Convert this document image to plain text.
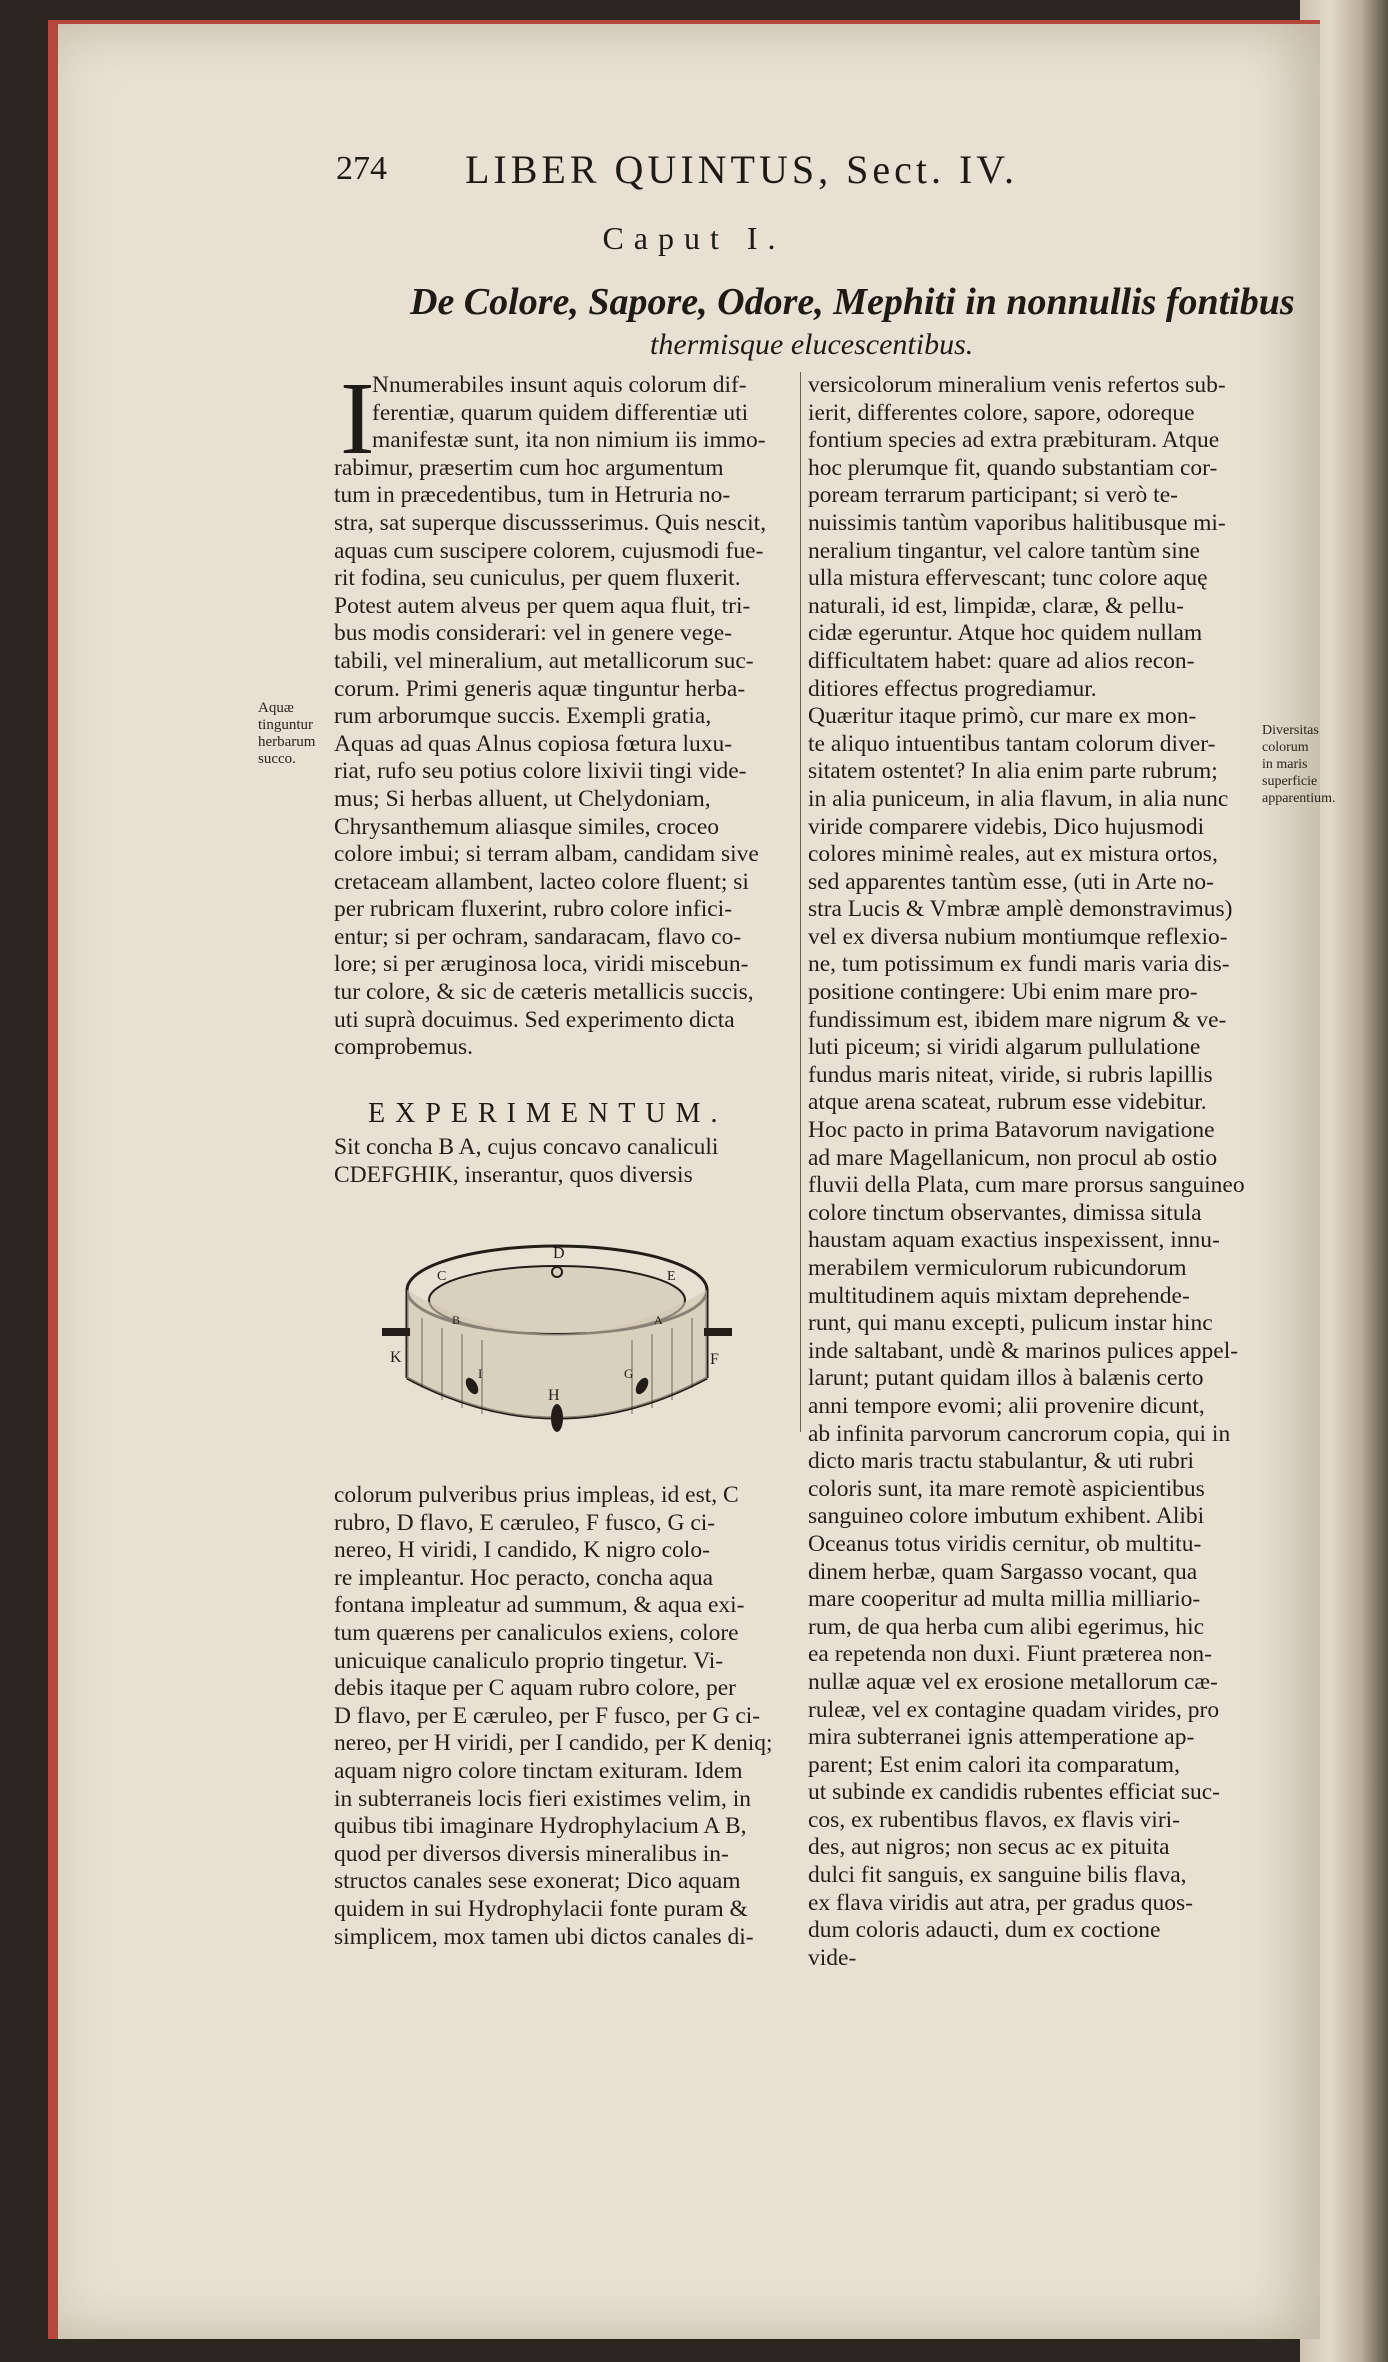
274 LIBER QUINTUS, Sect. IV.
Caput I.
De Colore, Sapore, Odore, Mephiti in nonnullis fontibus
thermisque elucescentibus.
Aquæ tinguntur herbarum succo.
Diversitas colorum in maris superficie apparentium.
I
Nnumerabiles insunt aquis colorum dif-
ferentiæ, quarum quidem differentiæ uti
manifestæ sunt, ita non nimium iis immo-
rabimur, præsertim cum hoc argumentum
tum in præcedentibus, tum in Hetruria no-
stra, sat superque discussserimus. Quis nescit,
aquas cum suscipere colorem, cujusmodi fue-
rit fodina, seu cuniculus, per quem fluxerit.
Potest autem alveus per quem aqua fluit, tri-
bus modis considerari: vel in genere vege-
tabili, vel mineralium, aut metallicorum suc-
corum. Primi generis aquæ tinguntur herba-
rum arborumque succis. Exempli gratia,
Aquas ad quas Alnus copiosa fœtura luxu-
riat, rufo seu potius colore lixivii tingi vide-
mus; Si herbas alluent, ut Chelydoniam,
Chrysanthemum aliasque similes, croceo
colore imbui; si terram albam, candidam sive
cretaceam allambent, lacteo colore fluent; si
per rubricam fluxerint, rubro colore infici-
entur; si per ochram, sandaracam, flavo co-
lore; si per æruginosa loca, viridi miscebun-
tur colore, & sic de cæteris metallicis succis,
uti suprà docuimus. Sed experimento dicta
comprobemus.
EXPERIMENTUM.
Sit concha B A, cujus concavo canaliculi
CDEFGHIK, inserantur, quos diversis
D
C	E
K	F
H
I	G
B	A
colorum pulveribus prius impleas, id est, C
rubro, D flavo, E cæruleo, F fusco, G ci-
nereo, H viridi, I candido, K nigro colo-
re impleantur. Hoc peracto, concha aqua
fontana impleatur ad summum, & aqua exi-
tum quærens per canaliculos exiens, colore
unicuique canaliculo proprio tingetur. Vi-
debis itaque per C aquam rubro colore, per
D flavo, per E cæruleo, per F fusco, per G ci-
nereo, per H viridi, per I candido, per K deniq;
aquam nigro colore tinctam exituram. Idem
in subterraneis locis fieri existimes velim, in
quibus tibi imaginare Hydrophylacium A B,
quod per diversos diversis mineralibus in-
structos canales sese exonerat; Dico aquam
quidem in sui Hydrophylacii fonte puram &
simplicem, mox tamen ubi dictos canales di-
versicolorum mineralium venis refertos sub-
ierit, differentes colore, sapore, odoreque
fontium species ad extra præbituram. Atque
hoc plerumque fit, quando substantiam cor-
poream terrarum participant; si verò te-
nuissimis tantùm vaporibus halitibusque mi-
neralium tingantur, vel calore tantùm sine
ulla mistura effervescant; tunc colore aquę
naturali, id est, limpidæ, claræ, & pellu-
cidæ egeruntur. Atque hoc quidem nullam
difficultatem habet: quare ad alios recon-
ditiores effectus progrediamur.
Quæritur itaque primò, cur mare ex mon-
te aliquo intuentibus tantam colorum diver-
sitatem ostentet? In alia enim parte rubrum;
in alia puniceum, in alia flavum, in alia nunc
viride comparere videbis, Dico hujusmodi
colores minimè reales, aut ex mistura ortos,
sed apparentes tantùm esse, (uti in Arte no-
stra Lucis & Vmbræ amplè demonstravimus)
vel ex diversa nubium montiumque reflexio-
ne, tum potissimum ex fundi maris varia dis-
positione contingere: Ubi enim mare pro-
fundissimum est, ibidem mare nigrum & ve-
luti piceum; si viridi algarum pullulatione
fundus maris niteat, viride, si rubris lapillis
atque arena scateat, rubrum esse videbitur.
Hoc pacto in prima Batavorum navigatione
ad mare Magellanicum, non procul ab ostio
fluvii della Plata, cum mare prorsus sanguineo
colore tinctum observantes, dimissa situla
haustam aquam exactius inspexissent, innu-
merabilem vermiculorum rubicundorum
multitudinem aquis mixtam deprehende-
runt, qui manu excepti, pulicum instar hinc
inde saltabant, undè & marinos pulices appel-
larunt; putant quidam illos à balænis certo
anni tempore evomi; alii provenire dicunt,
ab infinita parvorum cancrorum copia, qui in
dicto maris tractu stabulantur, & uti rubri
coloris sunt, ita mare remotè aspicientibus
sanguineo colore imbutum exhibent. Alibi
Oceanus totus viridis cernitur, ob multitu-
dinem herbæ, quam Sargasso vocant, qua
mare cooperitur ad multa millia milliario-
rum, de qua herba cum alibi egerimus, hic
ea repetenda non duxi. Fiunt præterea non-
nullæ aquæ vel ex erosione metallorum cæ-
ruleæ, vel ex contagine quadam virides, pro
mira subterranei ignis attemperatione ap-
parent; Est enim calori ita comparatum,
ut subinde ex candidis rubentes efficiat suc-
cos, ex rubentibus flavos, ex flavis viri-
des, aut nigros; non secus ac ex pituita
dulci fit sanguis, ex sanguine bilis flava,
ex flava viridis aut atra, per gradus quos-
dum coloris adaucti, dum ex coctione
vide-
